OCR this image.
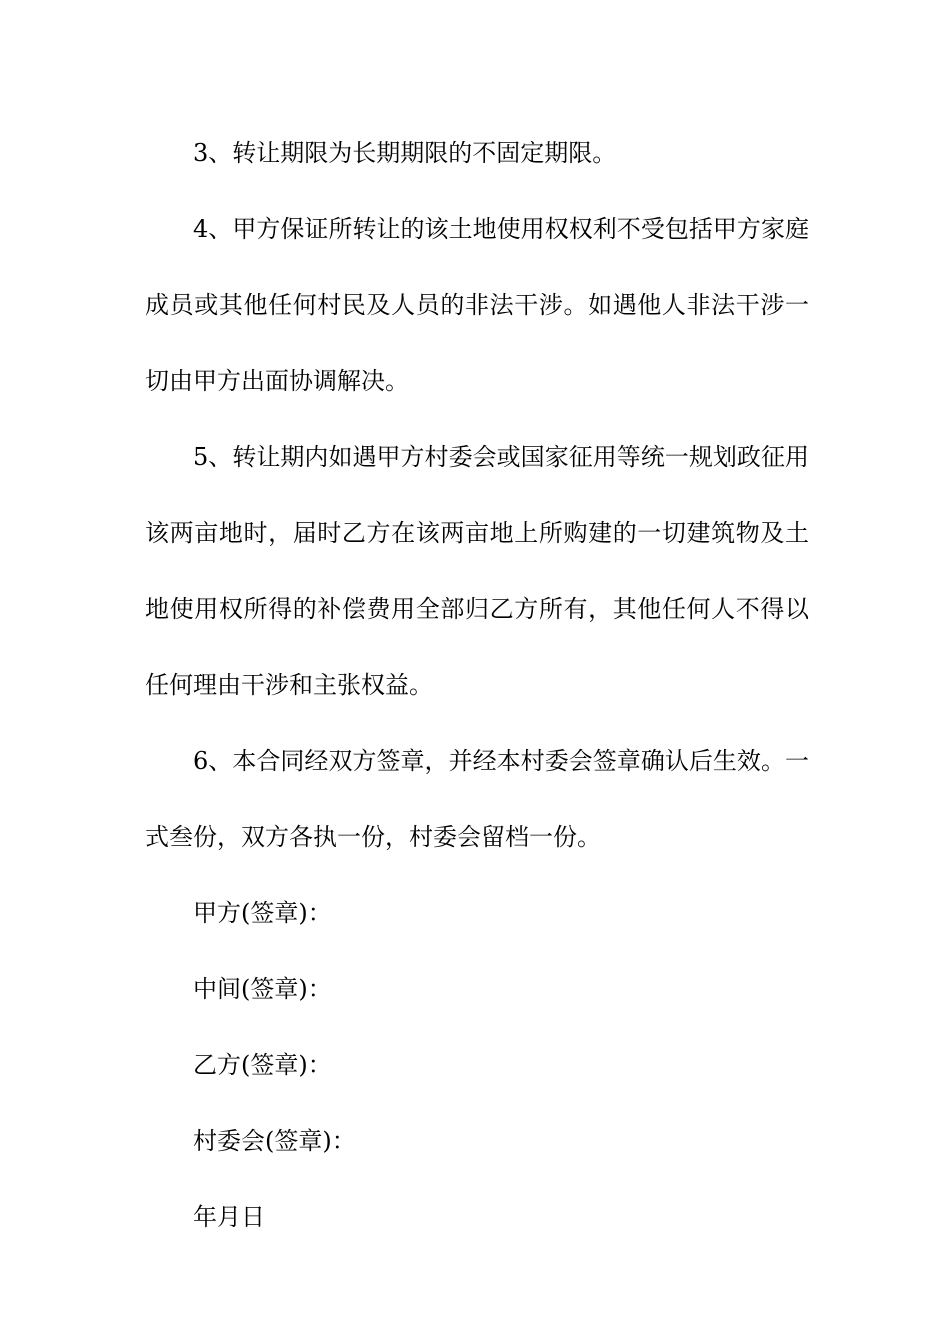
3、转让期限为长期期限的不固定期限。

4、甲方保证所转让的该土地使用权权利不受包括甲方家庭成员或其他任何村民及人员的非法干涉。如遇他人非法干涉一切由甲方出面协调解决。

5、转让期内如遇甲方村委会或国家征用等统一规划政征用该两亩地时，届时乙方在该两亩地上所购建的一切建筑物及土地使用权所得的补偿费用全部归乙方所有，其他任何人不得以任何理由干涉和主张权益。

6、本合同经双方签章，并经本村委会签章确认后生效。一式叁份，双方各执一份，村委会留档一份。

甲方(签章)：

中间(签章)：

乙方(签章)：

村委会(签章)：

年月日
